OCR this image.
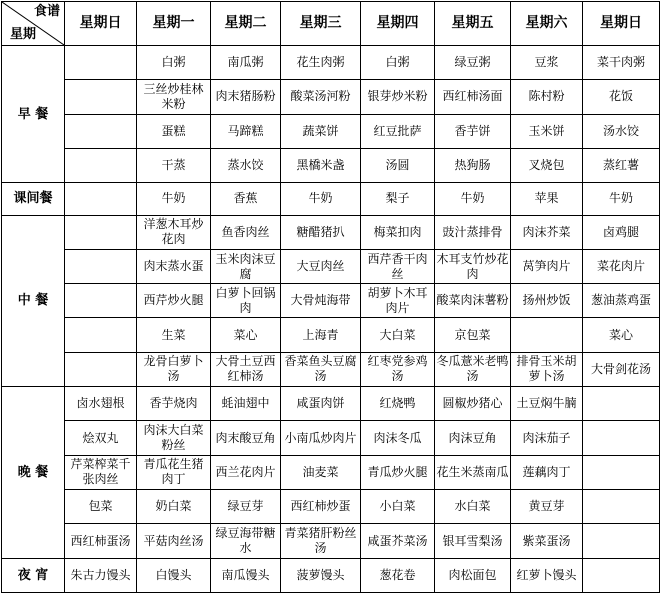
食谱
星期	星期日	星期一	星期二	星期三	星期四	星期五	星期六	星期日
早 餐		白粥	南瓜粥	花生肉粥	白粥	绿豆粥	豆浆	菜干肉粥
		三丝炒桂林米粉	肉末猪肠粉	酸菜汤河粉	银芽炒米粉	西红柿汤面	陈村粉	花饭
		蛋糕	马蹄糕	蔬菜饼	红豆批萨	香芋饼	玉米饼	汤水饺
		干蒸	蒸水饺	黑橋米盏	汤圆	热狗肠	叉烧包	蒸红薯
课间餐		牛奶	香蕉	牛奶	梨子	牛奶	苹果	牛奶
中 餐		洋葱木耳炒花肉	鱼香肉丝	糖醋猪扒	梅菜扣肉	豉汁蒸排骨	肉沫芥菜	卤鸡腿
		肉末蒸水蛋	玉米肉沫豆腐	大豆肉丝	西芹香干肉丝	木耳支竹炒花肉	莴笋肉片	菜花肉片
		西芹炒火腿	白萝卜回锅肉	大骨炖海带	胡萝卜木耳肉片	酸菜肉沫薯粉	扬州炒饭	葱油蒸鸡蛋
		生菜	菜心	上海青	大白菜	京包菜		菜心
		龙骨白萝卜汤	大骨土豆西红柿汤	香菜鱼头豆腐汤	红枣党参鸡汤	冬瓜薏米老鸭汤	排骨玉米胡萝卜汤	大骨剑花汤
晚 餐	卤水翅根	香芋烧肉	蚝油翅中	咸蛋肉饼	红烧鸭	圆椒炒猪心	土豆焖牛腩	
	烩双丸	肉沫大白菜粉丝	肉末酸豆角	小南瓜炒肉片	肉沫冬瓜	肉沫豆角	肉沫茄子	
	芹菜榨菜千张肉丝	青瓜花生猪肉丁	西兰花肉片	油麦菜	青瓜炒火腿	花生米蒸南瓜	莲藕肉丁	
	包菜	奶白菜	绿豆芽	西红柿炒蛋	小白菜	水白菜	黄豆芽	
	西红柿蛋汤	平菇肉丝汤	绿豆海带糖水	青菜猪肝粉丝汤	咸蛋芥菜汤	银耳雪梨汤	紫菜蛋汤	
夜 宵	朱古力馒头	白馒头	南瓜馒头	菠萝馒头	葱花卷	肉松面包	红萝卜馒头	
